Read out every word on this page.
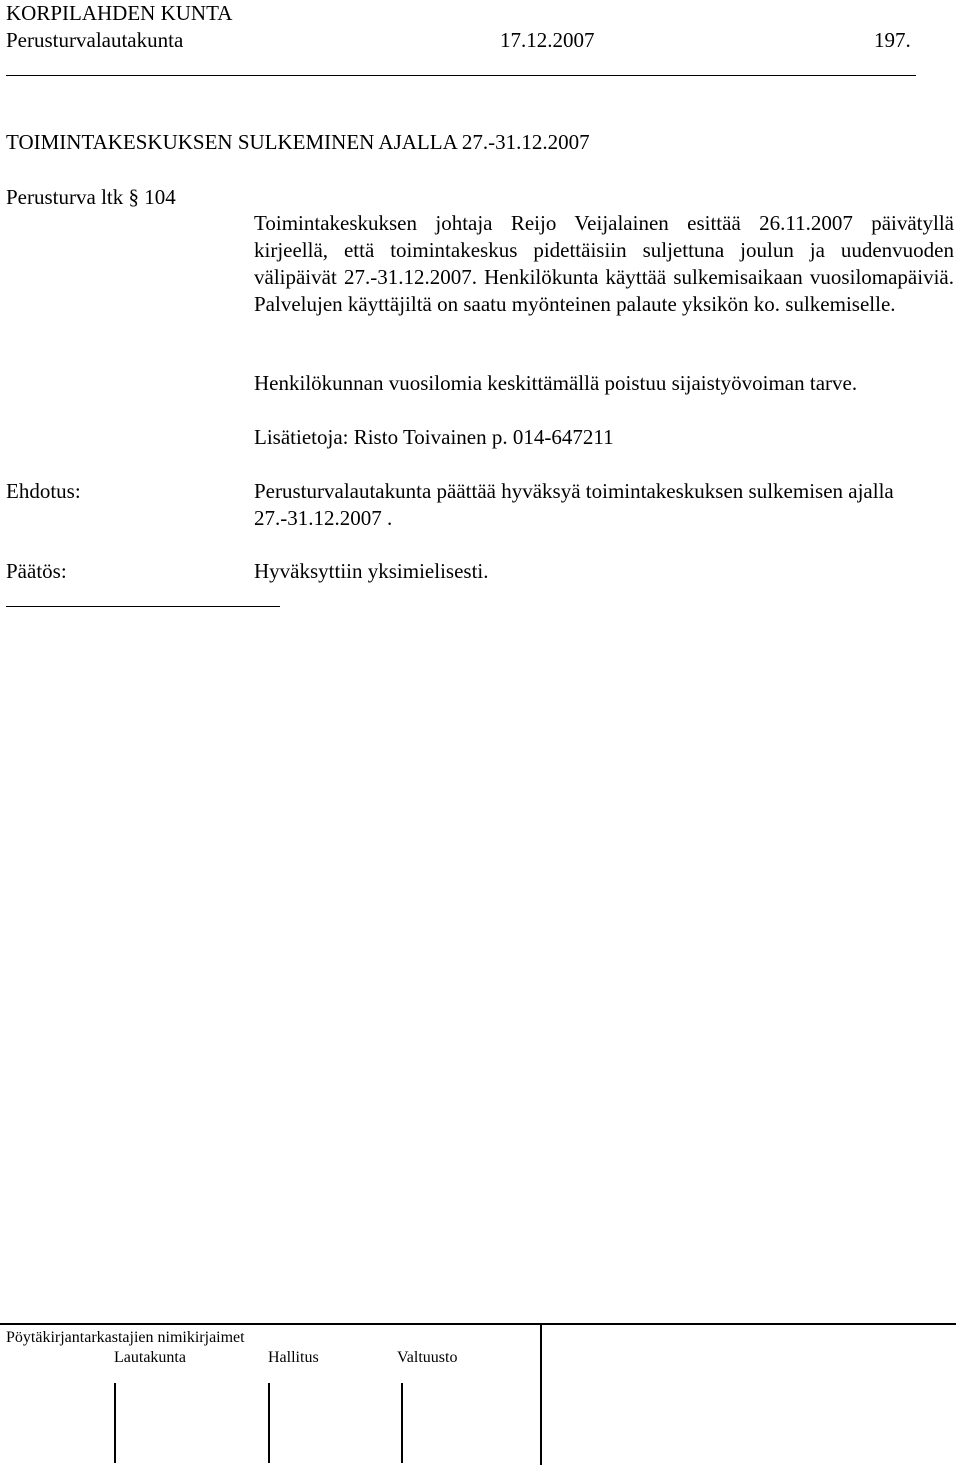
KORPILAHDEN KUNTA
Perusturvalautakunta	17.12.2007	197.
TOIMINTAKESKUKSEN SULKEMINEN AJALLA 27.-31.12.2007
Perusturva ltk § 104
Toimintakeskuksen johtaja Reijo Veijalainen esittää 26.11.2007 päivätyllä kirjeellä, että toimintakeskus pidettäisiin suljettuna joulun ja uudenvuoden välipäivät 27.-31.12.2007. Henkilökunta käyttää sulkemisaikaan vuosilomapäiviä. Palvelujen käyttäjiltä on saatu myönteinen palaute yksikön ko. sulkemiselle.
Henkilökunnan vuosilomia keskittämällä poistuu sijaistyövoiman tarve.
Lisätietoja: Risto Toivainen p. 014-647211
Ehdotus:	Perusturvalautakunta päättää hyväksyä toimintakeskuksen sulkemisen ajalla 27.-31.12.2007 .
Päätös:	Hyväksyttiin yksimielisesti.
Pöytäkirjantarkastajien nimikirjaimet
Lautakunta	Hallitus	Valtuusto
